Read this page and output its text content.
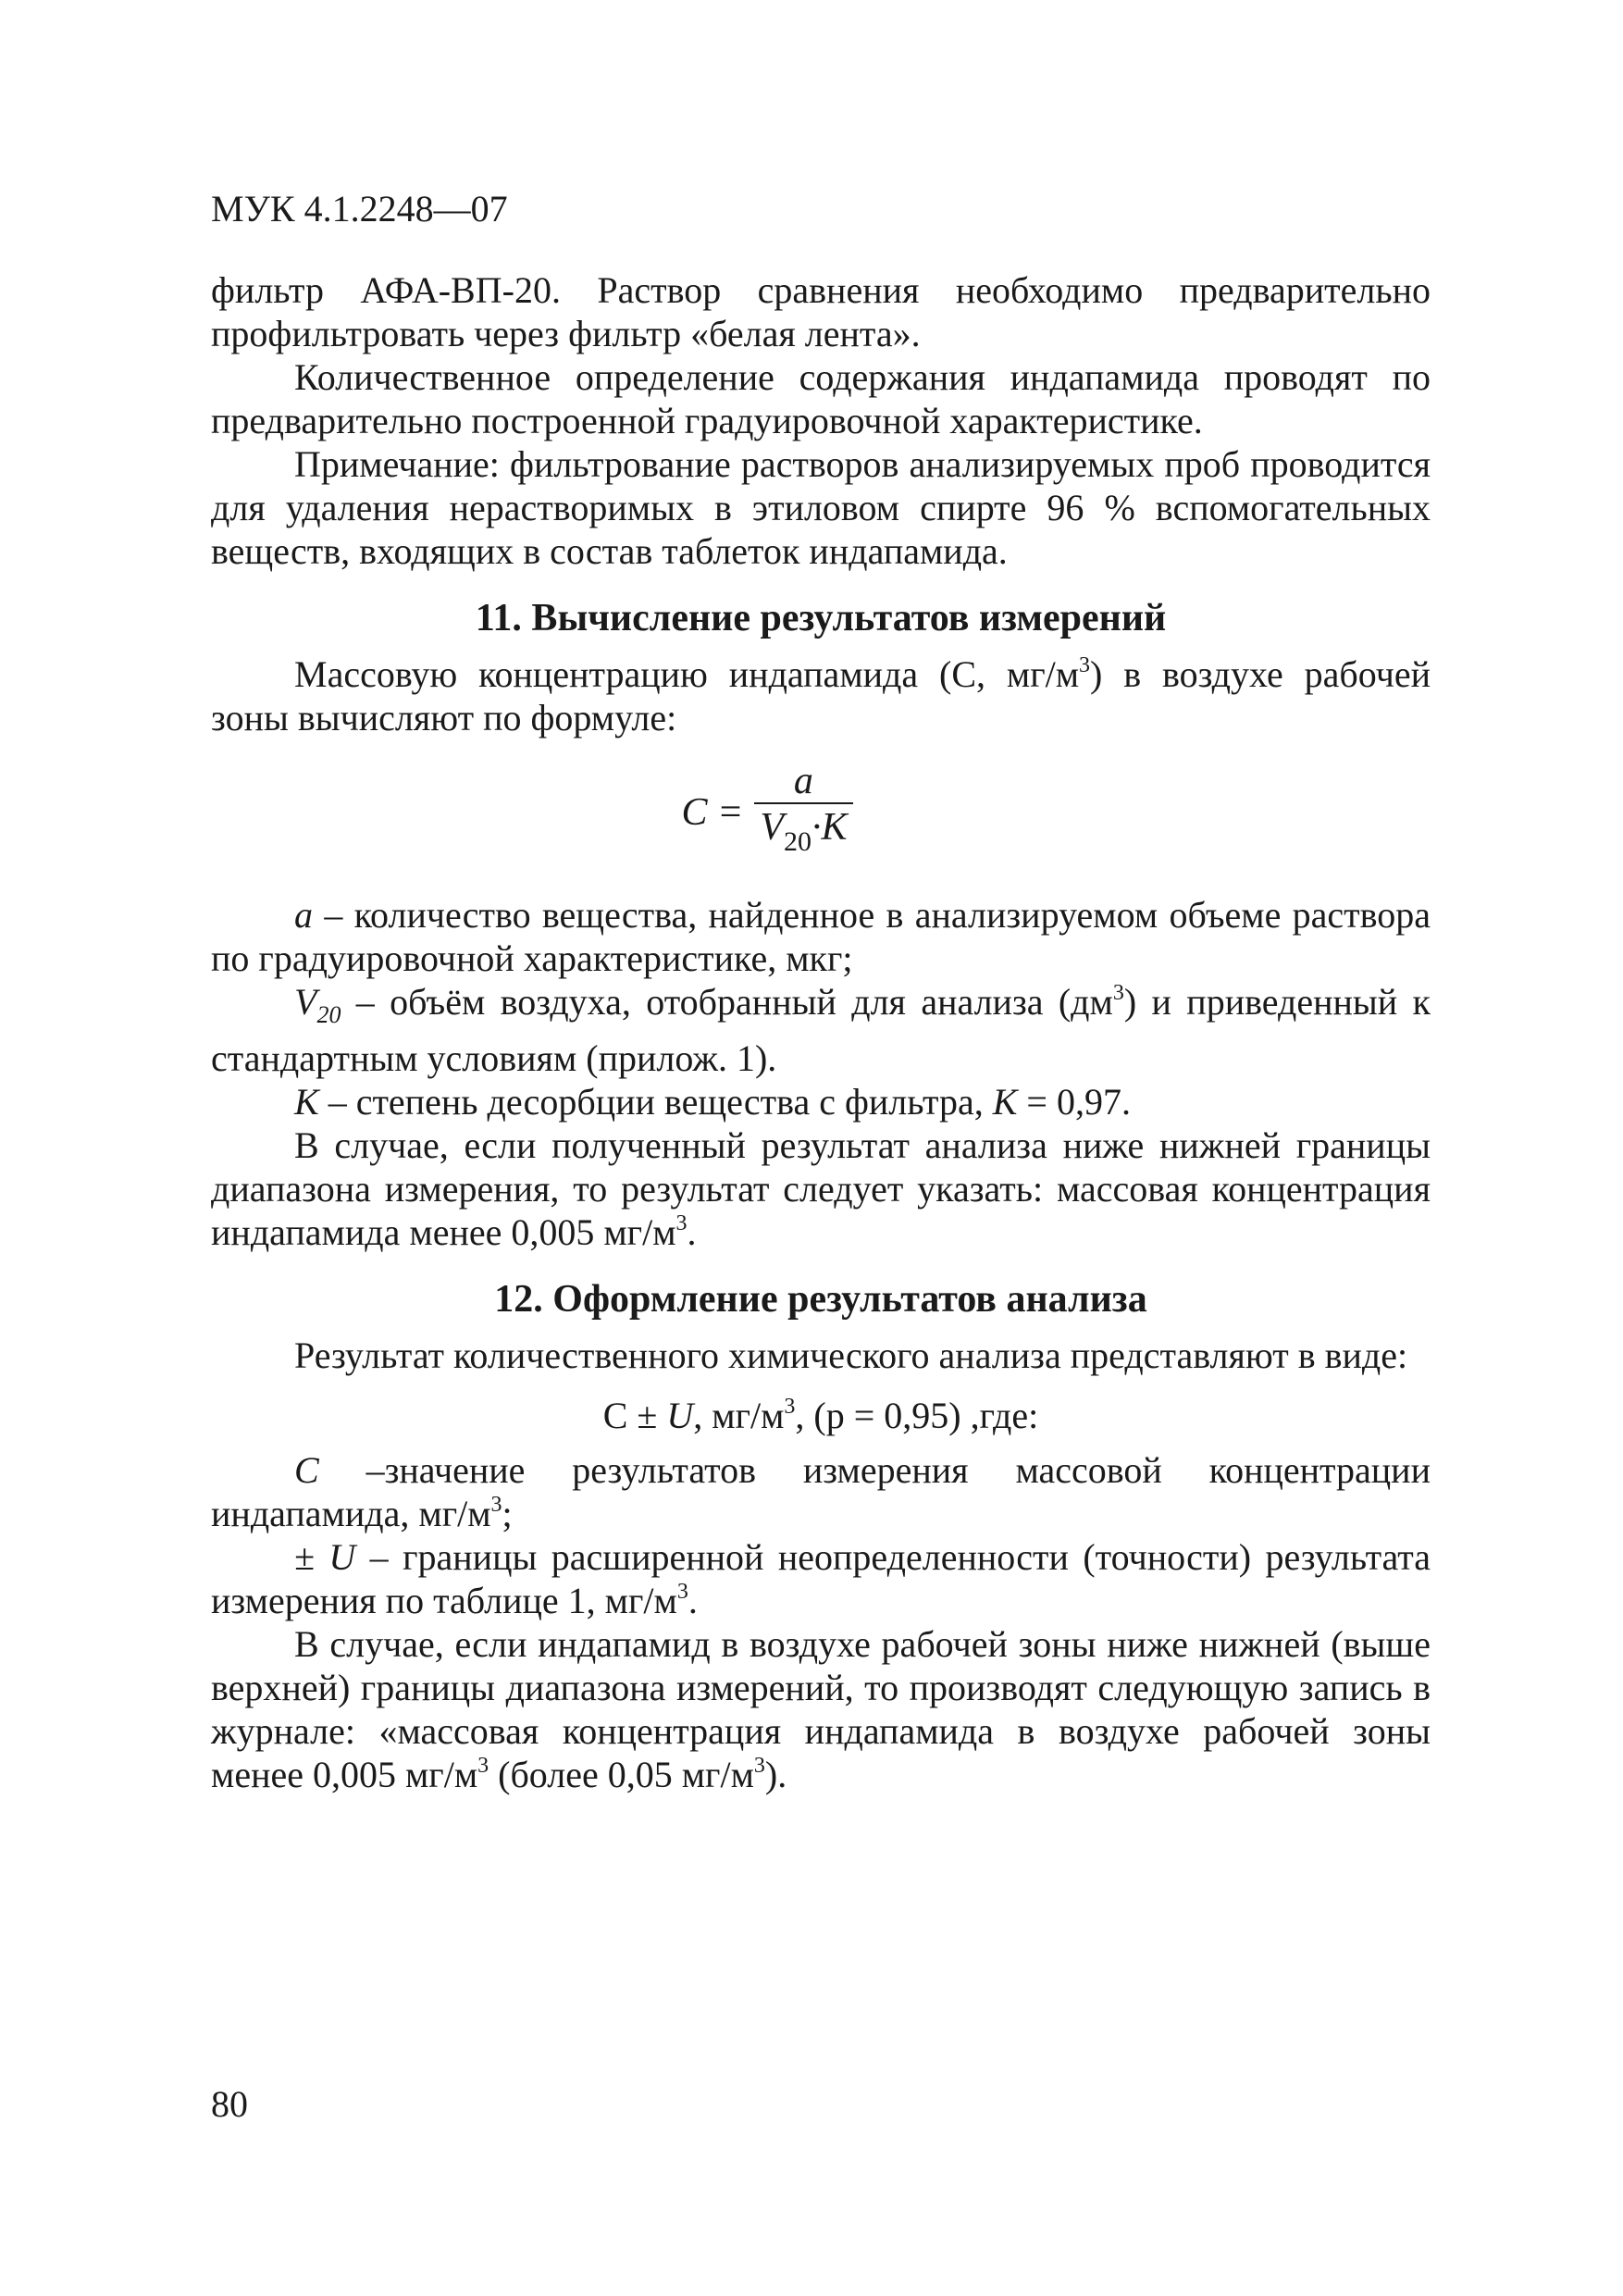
МУК 4.1.2248—07

фильтр АФА-ВП-20. Раствор сравнения необходимо предварительно профильтровать через фильтр «белая лента».

Количественное определение содержания индапамида проводят по предварительно построенной градуировочной характеристике.

Примечание: фильтрование растворов анализируемых проб проводится для удаления нерастворимых в этиловом спирте 96 % вспомогательных веществ, входящих в состав таблеток индапамида.

11. Вычисление результатов измерений

Массовую концентрацию индапамида (С, $мг/м^3$) в воздухе рабочей зоны вычисляют по формуле:

$C = \frac{a}{V_{20}\cdot K}$

а – количество вещества, найденное в анализируемом объеме раствора по градуировочной характеристике, мкг;

$V_{20}$ – объём воздуха, отобранный для анализа $(дм^3)$ и приведенный к стандартным условиям (прилож. 1).

K – степень десорбции вещества с фильтра, K = 0,97.

В случае, если полученный результат анализа ниже нижней границы диапазона измерения, то результат следует указать: массовая концентрация индапамида менее 0,005 $мг/м^3$.

12. Оформление результатов анализа

Результат количественного химического анализа представляют в виде:

С ± U, $мг/м^3$, (р = 0,95) ,где:

С –значение результатов измерения массовой концентрации

индапамида, $мг/м^3$;

± U – границы расширенной неопределенности (точности) результата измерения по таблице 1, $мг/м^3$.

В случае, если индапамид в воздухе рабочей зоны ниже нижней (выше верхней) границы диапазона измерений, то производят следующую запись в журнале: «массовая концентрация индапамида в воздухе рабочей зоны менее 0,005 $мг/м^3$ (более 0,05 $мг/м^3$).

80
